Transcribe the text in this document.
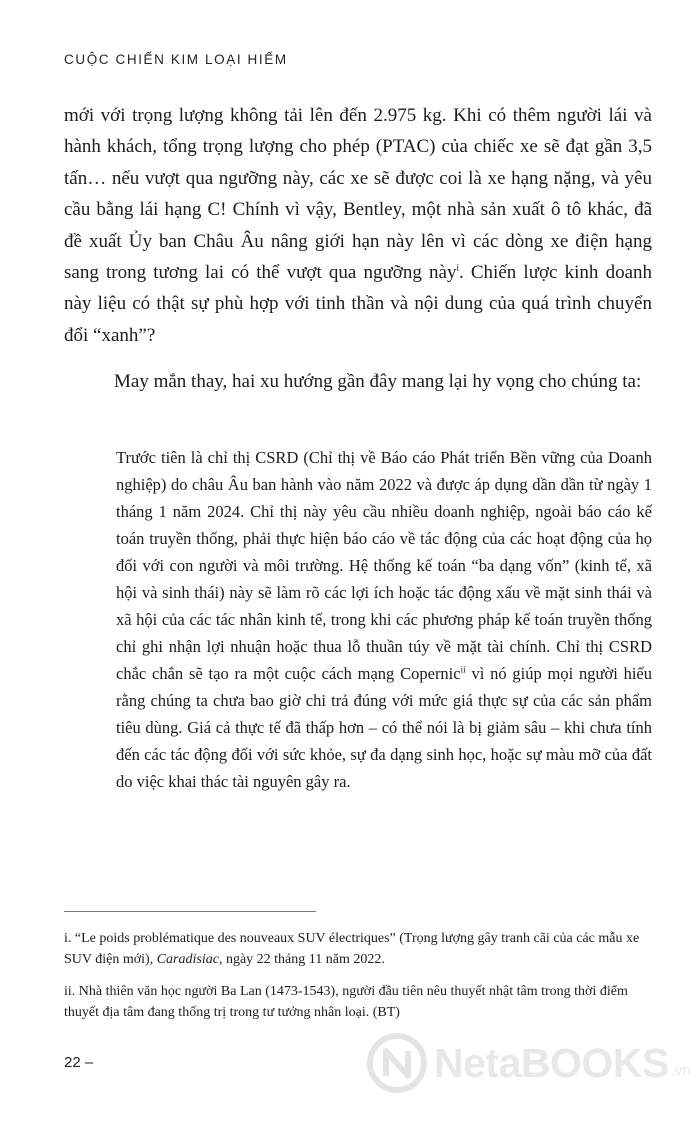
CUỘC CHIẾN KIM LOẠI HIẾM

mới với trọng lượng không tải lên đến 2.975 kg. Khi có thêm người lái và hành khách, tổng trọng lượng cho phép (PTAC) của chiếc xe sẽ đạt gần 3,5 tấn… nếu vượt qua ngưỡng này, các xe sẽ được coi là xe hạng nặng, và yêu cầu bằng lái hạng C! Chính vì vậy, Bentley, một nhà sản xuất ô tô khác, đã đề xuất Ủy ban Châu Âu nâng giới hạn này lên vì các dòng xe điện hạng sang trong tương lai có thể vượt qua ngưỡng này$^i$. Chiến lược kinh doanh này liệu có thật sự phù hợp với tinh thần và nội dung của quá trình chuyển đổi “xanh”?

May mắn thay, hai xu hướng gần đây mang lại hy vọng cho chúng ta:

Trước tiên là chỉ thị CSRD (Chỉ thị về Báo cáo Phát triển Bền vững của Doanh nghiệp) do châu Âu ban hành vào năm 2022 và được áp dụng dần dần từ ngày 1 tháng 1 năm 2024. Chỉ thị này yêu cầu nhiều doanh nghiệp, ngoài báo cáo kế toán truyền thống, phải thực hiện báo cáo về tác động của các hoạt động của họ đối với con người và môi trường. Hệ thống kế toán “ba dạng vốn” (kinh tế, xã hội và sinh thái) này sẽ làm rõ các lợi ích hoặc tác động xấu về mặt sinh thái và xã hội của các tác nhân kinh tế, trong khi các phương pháp kế toán truyền thống chỉ ghi nhận lợi nhuận hoặc thua lỗ thuần túy về mặt tài chính. Chỉ thị CSRD chắc chắn sẽ tạo ra một cuộc cách mạng Copernic$^{ii}$ vì nó giúp mọi người hiểu rằng chúng ta chưa bao giờ chi trả đúng với mức giá thực sự của các sản phẩm tiêu dùng. Giá cả thực tế đã thấp hơn – có thể nói là bị giảm sâu – khi chưa tính đến các tác động đối với sức khỏe, sự đa dạng sinh học, hoặc sự màu mỡ của đất do việc khai thác tài nguyên gây ra.

i. “Le poids problématique des nouveaux SUV électriques” (Trọng lượng gây tranh cãi của các mẫu xe SUV điện mới), Caradisiac, ngày 22 tháng 11 năm 2022.

ii. Nhà thiên văn học người Ba Lan (1473-1543), người đầu tiên nêu thuyết nhật tâm trong thời điểm thuyết địa tâm đang thống trị trong tư tưởng nhân loại. (BT)

22 –	NetaBOOKS .vn
